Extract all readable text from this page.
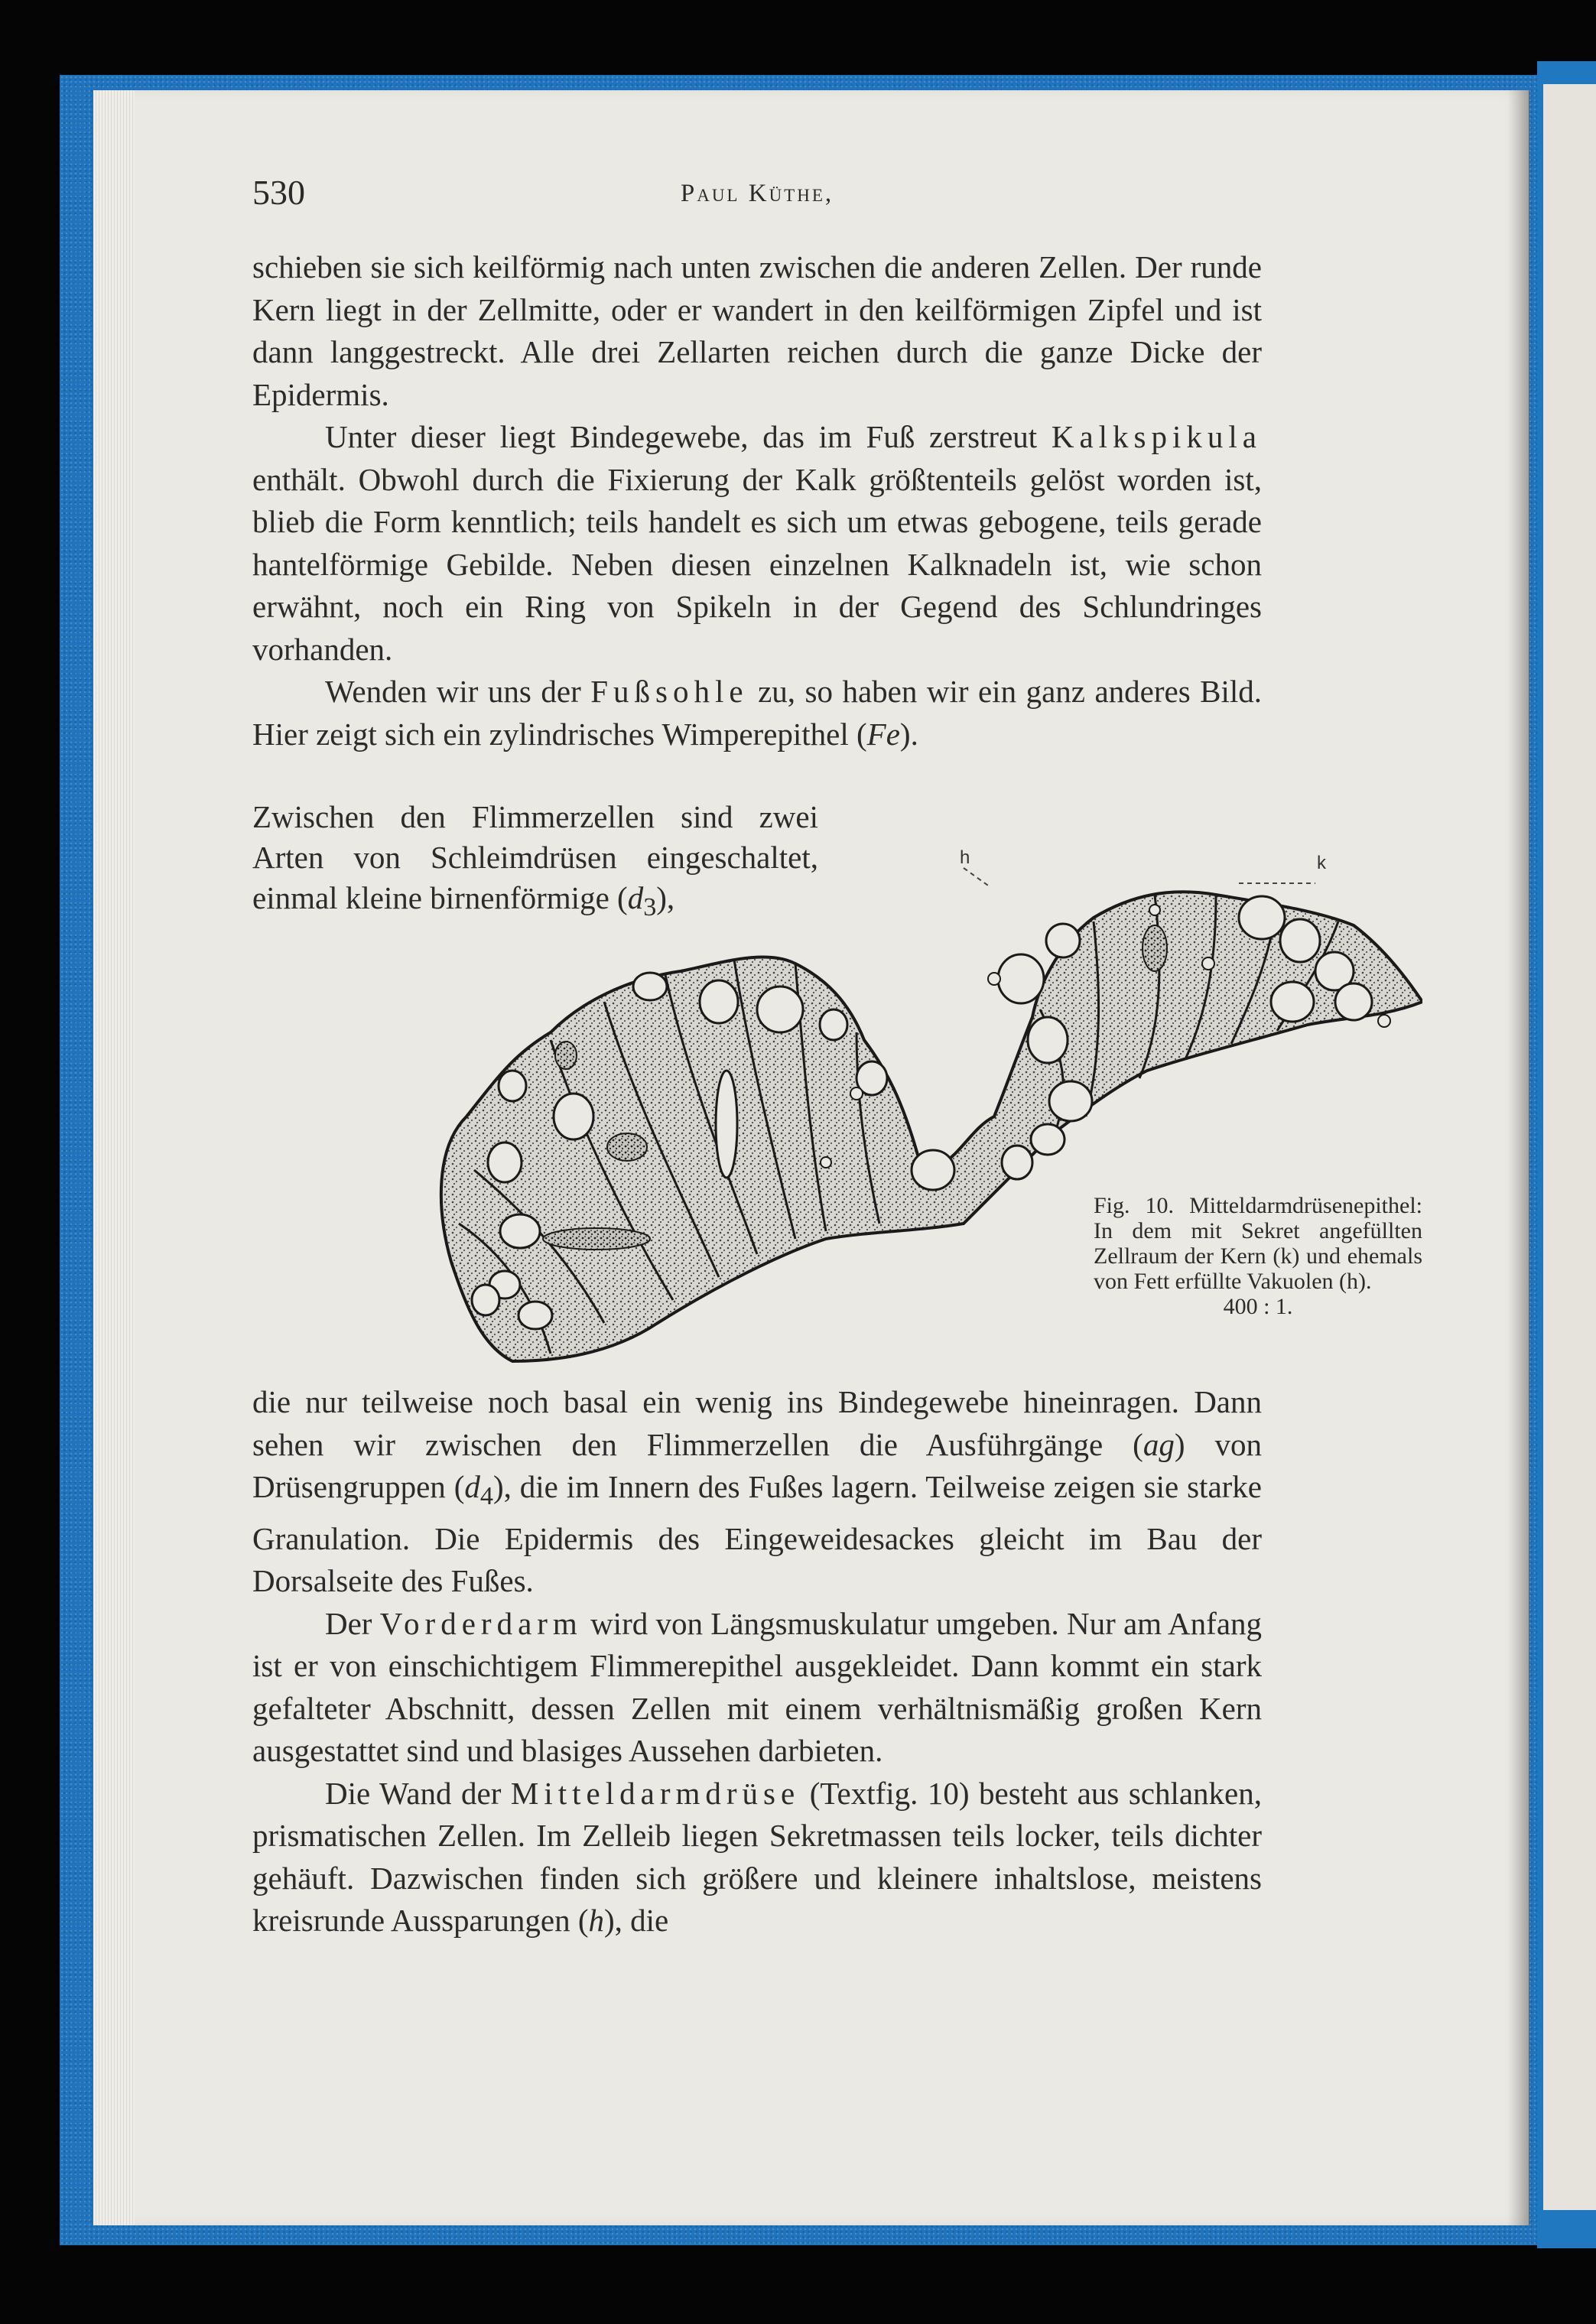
530	Paul Küthe,

schieben sie sich keilförmig nach unten zwischen die anderen Zellen. Der runde Kern liegt in der Zellmitte, oder er wandert in den keilförmigen Zipfel und ist dann langgestreckt. Alle drei Zellarten reichen durch die ganze Dicke der Epidermis.

Unter dieser liegt Bindegewebe, das im Fuß zerstreut Kalkspikula enthält. Obwohl durch die Fixierung der Kalk größtenteils gelöst worden ist, blieb die Form kenntlich; teils handelt es sich um etwas gebogene, teils gerade hantelförmige Gebilde. Neben diesen einzelnen Kalknadeln ist, wie schon erwähnt, noch ein Ring von Spikeln in der Gegend des Schlundringes vorhanden.

Wenden wir uns der Fußsohle zu, so haben wir ein ganz anderes Bild. Hier zeigt sich ein zylindrisches Wimperepithel (Fe).

Zwischen den Flimmerzellen sind zwei Arten von Schleimdrüsen eingeschaltet, einmal kleine birnenförmige $(d_3)$,
h	k
Fig. 10. Mitteldarmdrüsenepithel: In dem mit Sekret angefüllten Zellraum der Kern (k) und ehemals von Fett erfüllte Vakuolen (h).
400 : 1.

die nur teilweise noch basal ein wenig ins Bindegewebe hineinragen. Dann sehen wir zwischen den Flimmerzellen die Ausführgänge (ag) von Drüsengruppen $(d_4)$, die im Innern des Fußes lagern. Teilweise zeigen sie starke Granulation. Die Epidermis des Eingeweidesackes gleicht im Bau der Dorsalseite des Fußes.

Der Vorderdarm wird von Längsmuskulatur umgeben. Nur am Anfang ist er von einschichtigem Flimmerepithel ausgekleidet. Dann kommt ein stark gefalteter Abschnitt, dessen Zellen mit einem verhältnismäßig großen Kern ausgestattet sind und blasiges Aussehen darbieten.

Die Wand der Mitteldarmdrüse (Textfig. 10) besteht aus schlanken, prismatischen Zellen. Im Zelleib liegen Sekretmassen teils locker, teils dichter gehäuft. Dazwischen finden sich größere und kleinere inhaltslose, meistens kreisrunde Aussparungen (h), die
